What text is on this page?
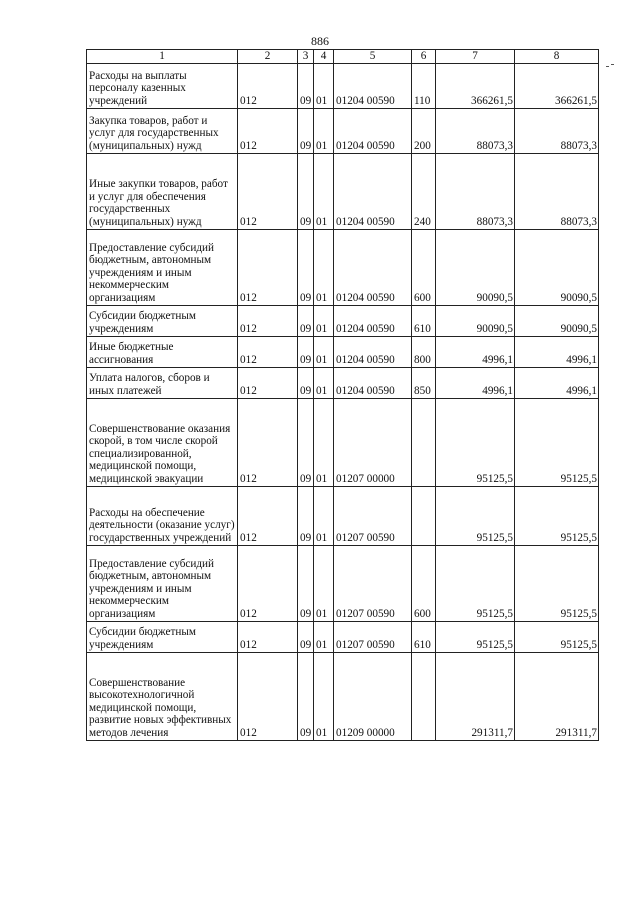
886
1	2	3	4	5	6	7	8
Расходы на выплаты персоналу казенных учреждений	012	09	01	01204 00590	110	366261,5	366261,5
Закупка товаров, работ и услуг для государственных (муниципальных) нужд	012	09	01	01204 00590	200	88073,3	88073,3
Иные закупки товаров, работ и услуг для обеспечения государственных (муниципальных) нужд	012	09	01	01204 00590	240	88073,3	88073,3
Предоставление субсидий бюджетным, автономным учреждениям и иным некоммерческим организациям	012	09	01	01204 00590	600	90090,5	90090,5
Субсидии бюджетным учреждениям	012	09	01	01204 00590	610	90090,5	90090,5
Иные бюджетные ассигнования	012	09	01	01204 00590	800	4996,1	4996,1
Уплата налогов, сборов и иных платежей	012	09	01	01204 00590	850	4996,1	4996,1
Совершенствование оказания скорой, в том числе скорой специализированной, медицинской помощи, медицинской эвакуации	012	09	01	01207 00000		95125,5	95125,5
Расходы на обеспечение деятельности (оказание услуг) государственных учреждений	012	09	01	01207 00590		95125,5	95125,5
Предоставление субсидий бюджетным, автономным учреждениям и иным некоммерческим организациям	012	09	01	01207 00590	600	95125,5	95125,5
Субсидии бюджетным учреждениям	012	09	01	01207 00590	610	95125,5	95125,5
Совершенствование высокотехнологичной медицинской помощи, развитие новых эффективных методов лечения	012	09	01	01209 00000		291311,7	291311,7
